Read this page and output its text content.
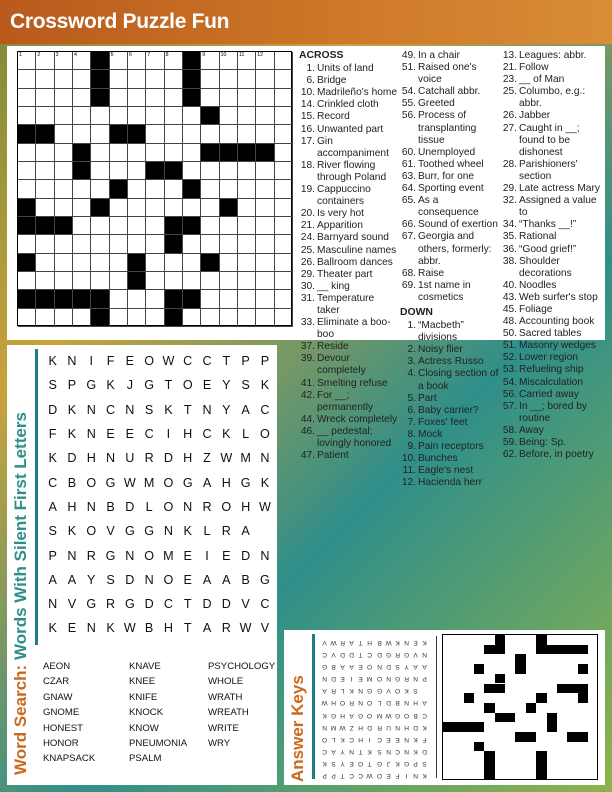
Crossword Puzzle Fun
1	2	3	4	5	6	7	8	9	10 11 12	ACROSS
1. Units of land
6. Bridge
10. Madrileño's home
14. Crinkled cloth
15. Record
16. Unwanted part
17. Gin accompaniment
18. River flowing through Poland
19. Cappuccino containers
20. Is very hot
21. Apparition
24. Barnyard sound
25. Masculine names
26. Ballroom dances
29. Theater part
30. __ king
31. Temperature taker
33. Eliminate a boo-boo
37. Reside
39. Devour completely
41. Smelting refuse
42. For __; permanently
44. Wreck completely
46. __ pedestal; lovingly honored
47. Patient
49. In a chair
51. Raised one's voice
54. Catchall abbr.
55. Greeted
56. Process of transplanting tissue
60. Unemployed
61. Toothed wheel
63. Burr, for one
64. Sporting event
65. As a consequence
66. Sound of exertion
67. Georgia and others, formerly: abbr.
68. Raise
69. 1st name in cosmetics
DOWN
1. “Macbeth” divisions
2. Noisy flier
3. Actress Russo
4. Closing section of a book
5. Part
6. Baby carrier?
7. Foxes' feet
8. Mock
9. Pain receptors
10. Bunches
11. Eagle's nest
12. Hacienda herr
13. Leagues: abbr.
21. Follow
23. __ of Man
25. Columbo, e.g.: abbr.
26. Jabber
27. Caught in __; found to be dishonest
28. Parishioners' section
29. Late actress Mary
32. Assigned a value to
34. “Thanks __!”
35. Rational
36. “Good grief!”
38. Shoulder decorations
40. Noodles
43. Web surfer's stop
45. Foliage
48. Accounting book
50. Sacred tables
51. Masonry wedges
52. Lower region
53. Refueling ship
54. Miscalculation
56. Carried away
57. In __; bored by routine
58. Away
59. Being: Sp.
62. Before, in poetry
Word Search: Words With Silent First Letters
K N	I	F E O W C C T P P
S P G K J G T O E Y S K
D K N C N S K T N Y A C
F K N E E C	I	H C K L O
K D H N U R D H Z W M N
C B O G W M O G A H G K
A H N B D L O N R O H W
S K O V G G N K L R A
P N R G N O M E	I	E D N
A A Y S D N O E A A B G
N V G R G D C T D D V C
K E N K W B H T A R W V
AEON
CZAR
GNAW
GNOME
HONEST
HONOR
KNAPSACK
KNAVE
KNEE
KNIFE
KNOCK
KNOW
PNEUMONIA
PSALM
PSYCHOLOGY
WHOLE
WRATH
WREATH
WRITE
WRY	Answer Keys
V W R A T H B W K N E K
C V D D T C D G R G V N
G B A A E O N D S Y A A
N D E I E M O N G R N P
A R L K N G G V O K S
W H O R N O L D B N H A
K G H A G O M W G O B C
N M W Z H D R U N H D K
O L K C H I C E E N K F
C A Y N T K S N C N K D
K S Y E O T G J K G P S
P P T C C W O E F I N K
